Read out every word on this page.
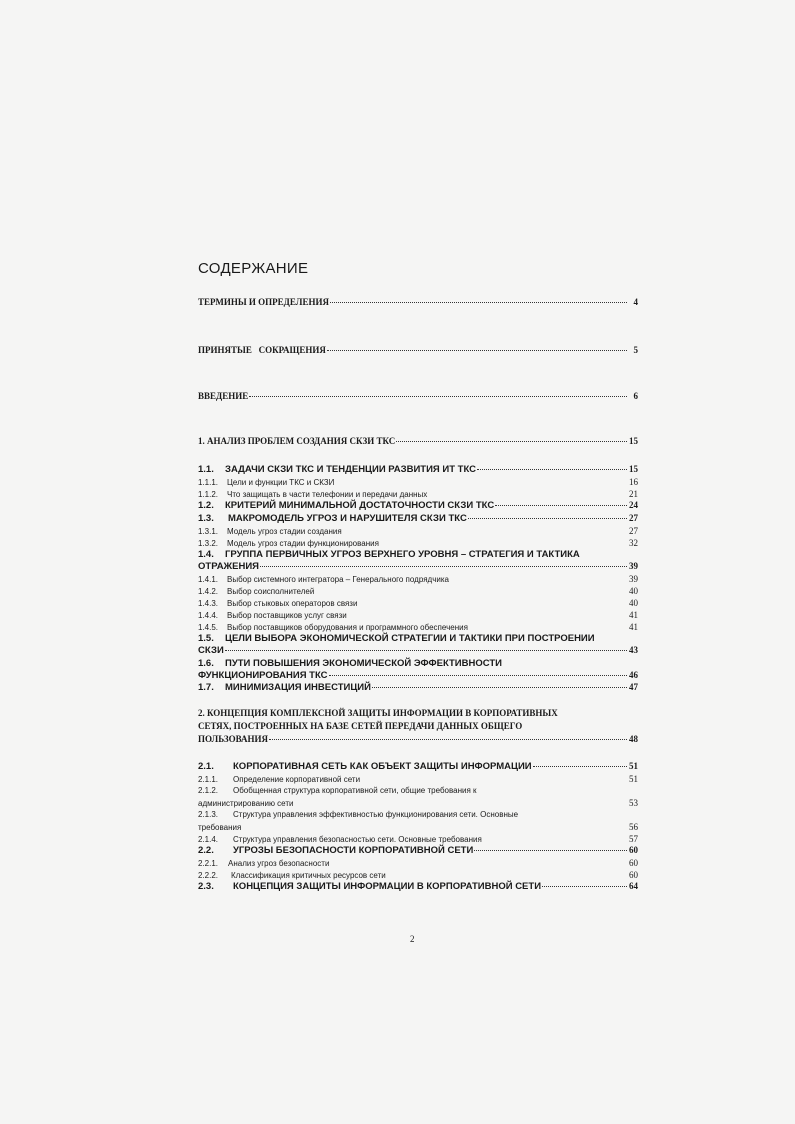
СОДЕРЖАНИЕ
ТЕРМИНЫ И ОПРЕДЕЛЕНИЯ	4
ПРИНЯТЫЕ   СОКРАЩЕНИЯ	5
ВВЕДЕНИЕ	6
1. АНАЛИЗ ПРОБЛЕМ СОЗДАНИЯ СКЗИ ТКС	15
1.1. ЗАДАЧИ СКЗИ ТКС И ТЕНДЕНЦИИ РАЗВИТИЯ ИТ ТКС	15
1.1.1. Цели и функции ТКС и СКЗИ	16
1.1.2. Что защищать в части телефонии и передачи данных	21
1.2. КРИТЕРИЙ МИНИМАЛЬНОЙ ДОСТАТОЧНОСТИ СКЗИ ТКС	24
1.3. МАКРОМОДЕЛЬ УГРОЗ И НАРУШИТЕЛЯ СКЗИ ТКС	27
1.3.1. Модель угроз стадии создания	27
1.3.2. Модель угроз стадии функционирования	32
1.4. ГРУППА ПЕРВИЧНЫХ УГРОЗ ВЕРХНЕГО УРОВНЯ – СТРАТЕГИЯ И ТАКТИКА
ОТРАЖЕНИЯ	39
1.4.1. Выбор системного интегратора – Генерального подрядчика	39
1.4.2. Выбор соисполнителей	40
1.4.3. Выбор стыковых операторов связи	40
1.4.4. Выбор поставщиков услуг связи	41
1.4.5. Выбор поставщиков оборудования и программного обеспечения	41
1.5. ЦЕЛИ ВЫБОРА ЭКОНОМИЧЕСКОЙ СТРАТЕГИИ И ТАКТИКИ ПРИ ПОСТРОЕНИИ
СКЗИ	43
1.6. ПУТИ ПОВЫШЕНИЯ ЭКОНОМИЧЕСКОЙ ЭФФЕКТИВНОСТИ
ФУНКЦИОНИРОВАНИЯ ТКС	46
1.7. МИНИМИЗАЦИЯ ИНВЕСТИЦИЙ	47
2. КОНЦЕПЦИЯ КОМПЛЕКСНОЙ ЗАЩИТЫ ИНФОРМАЦИИ В КОРПОРАТИВНЫХ
СЕТЯХ, ПОСТРОЕННЫХ НА БАЗЕ СЕТЕЙ ПЕРЕДАЧИ ДАННЫХ ОБЩЕГО
ПОЛЬЗОВАНИЯ	48
2.1. КОРПОРАТИВНАЯ СЕТЬ КАК ОБЪЕКТ ЗАЩИТЫ ИНФОРМАЦИИ	51
2.1.1. Определение корпоративной сети	51
2.1.2. Обобщенная структура корпоративной сети, общие требования к
администрированию сети	53
2.1.3. Структура управления эффективностью функционирования сети. Основные
требования	56
2.1.4. Структура управления безопасностью сети. Основные требования	57
2.2. УГРОЗЫ БЕЗОПАСНОСТИ КОРПОРАТИВНОЙ СЕТИ	60
2.2.1. Анализ угроз безопасности	60
2.2.2. Классификация критичных ресурсов сети	60
2.3. КОНЦЕПЦИЯ ЗАЩИТЫ ИНФОРМАЦИИ В КОРПОРАТИВНОЙ СЕТИ	64
2
